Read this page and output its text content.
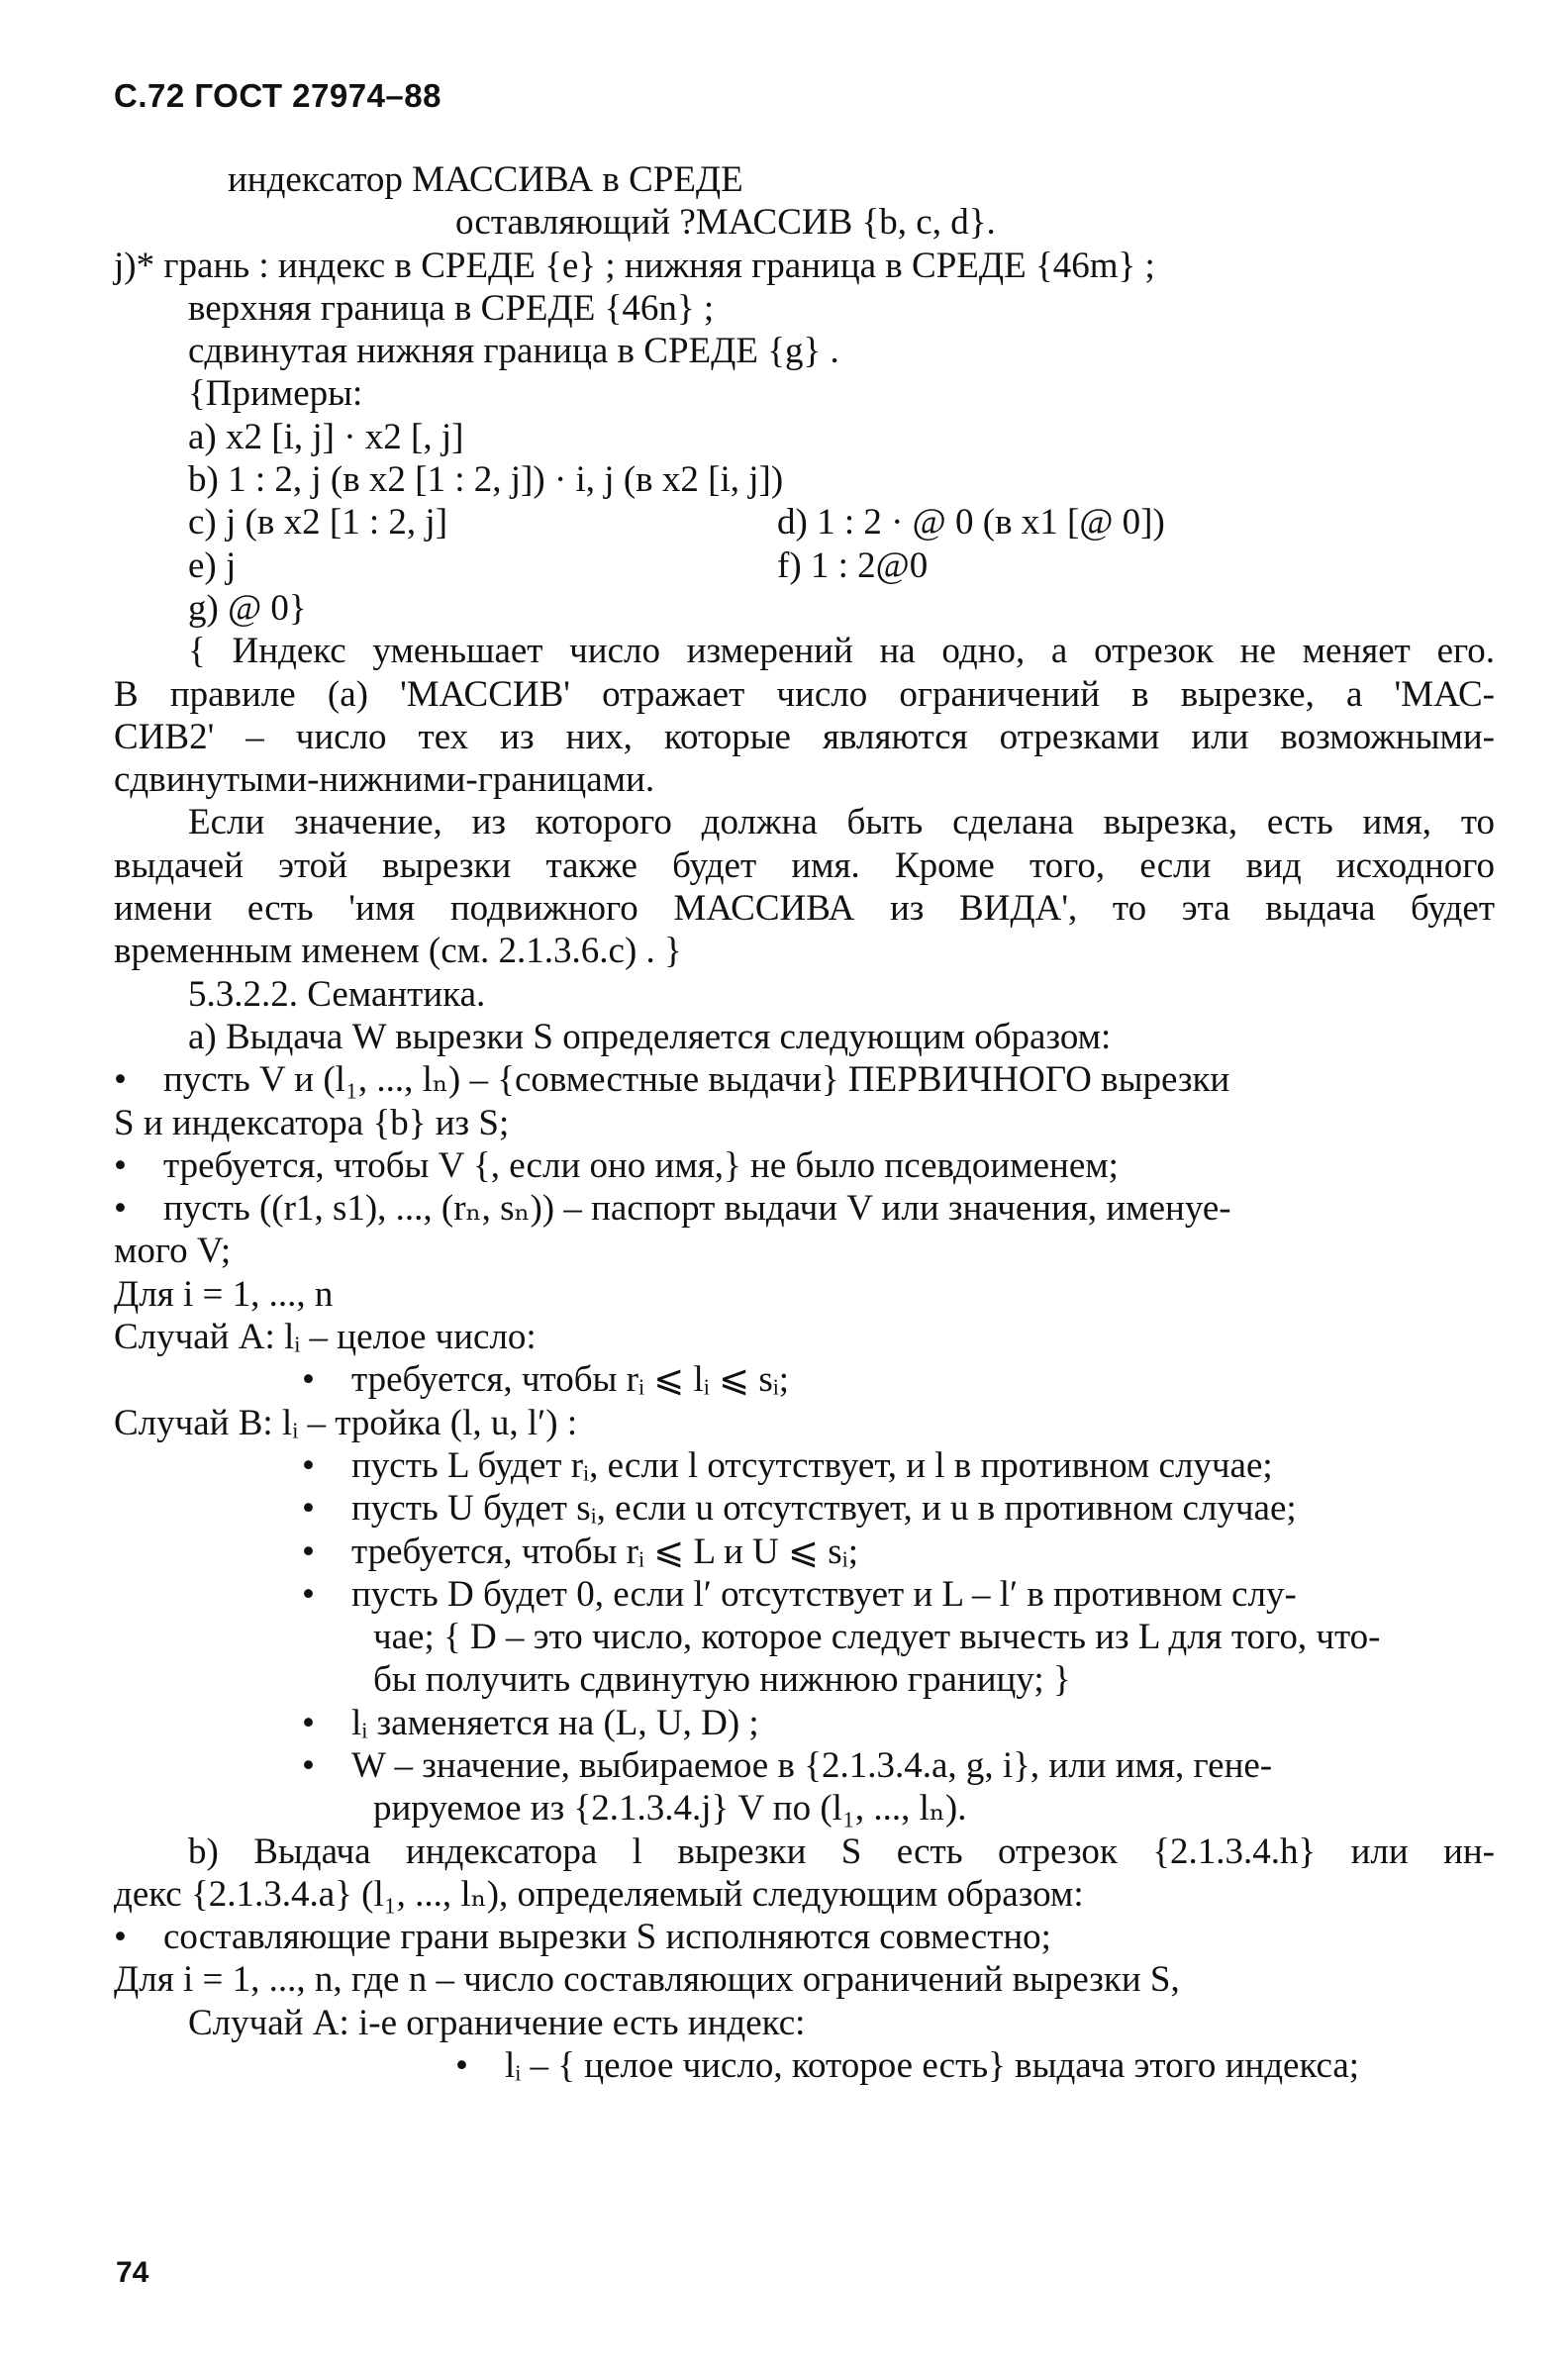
С.72 ГОСТ 27974–88
индексатор МАССИВА в СРЕДЕ
оставляющий ?МАССИВ {b, c, d}.
j)* грань : индекс в СРЕДЕ {e} ; нижняя граница в СРЕДЕ {46m} ;
верхняя граница в СРЕДЕ {46n} ;
сдвинутая нижняя граница в СРЕДЕ {g} .
{Примеры:
a) x2 [i, j] · x2 [, j]
b) 1 : 2, j (в x2 [1 : 2, j]) · i, j (в x2 [i, j])
c) j (в x2 [1 : 2, j]	d) 1 : 2 · @ 0 (в x1 [@ 0])
e) j	f) 1 : 2@0
g) @ 0}
{ Индекс уменьшает число измерений на одно, а отрезок не меняет его.
В правиле (а) 'МАССИВ' отражает число ограничений в вырезке, а 'МАС-
СИВ2' – число тех из них, которые являются отрезками или возможными-
сдвинутыми-нижними-границами.
Если значение, из которого должна быть сделана вырезка, есть имя, то
выдачей этой вырезки также будет имя. Кроме того, если вид исходного
имени есть 'имя подвижного МАССИВА из ВИДА', то эта выдача будет
временным именем (см. 2.1.3.6.c) . }
5.3.2.2. Семантика.
a) Выдача W вырезки S определяется следующим образом:
• пусть V и (l₁, ..., lₙ) – {совместные выдачи} ПЕРВИЧНОГО вырезки
S и индексатора {b} из S;
• требуется, чтобы V {, если оно имя,} не было псевдоименем;
• пусть ((r1, s1), ..., (rₙ, sₙ)) – паспорт выдачи V или значения, именуе-
мого V;
Для i = 1, ..., n
Случай A: lᵢ – целое число:
• требуется, чтобы rᵢ ⩽ lᵢ ⩽ sᵢ;
Случай B: lᵢ – тройка (l, u, l′) :
• пусть L будет rᵢ, если l отсутствует, и l в противном случае;
• пусть U будет sᵢ, если u отсутствует, и u в противном случае;
• требуется, чтобы rᵢ ⩽ L и U ⩽ sᵢ;
• пусть D будет 0, если l′ отсутствует и L – l′ в противном слу-
чае; { D – это число, которое следует вычесть из L для того, что-
бы получить сдвинутую нижнюю границу; }
• lᵢ заменяется на (L, U, D) ;
• W – значение, выбираемое в {2.1.3.4.a, g, i}, или имя, гене-
рируемое из {2.1.3.4.j} V по (l₁, ..., lₙ).
b) Выдача индексатора l вырезки S есть отрезок {2.1.3.4.h} или ин-
декс {2.1.3.4.a} (l₁, ..., lₙ), определяемый следующим образом:
• составляющие грани вырезки S исполняются совместно;
Для i = 1, ..., n, где n – число составляющих ограничений вырезки S,
Случай A: i-е ограничение есть индекс:
• lᵢ – { целое число, которое есть} выдача этого индекса;
74
